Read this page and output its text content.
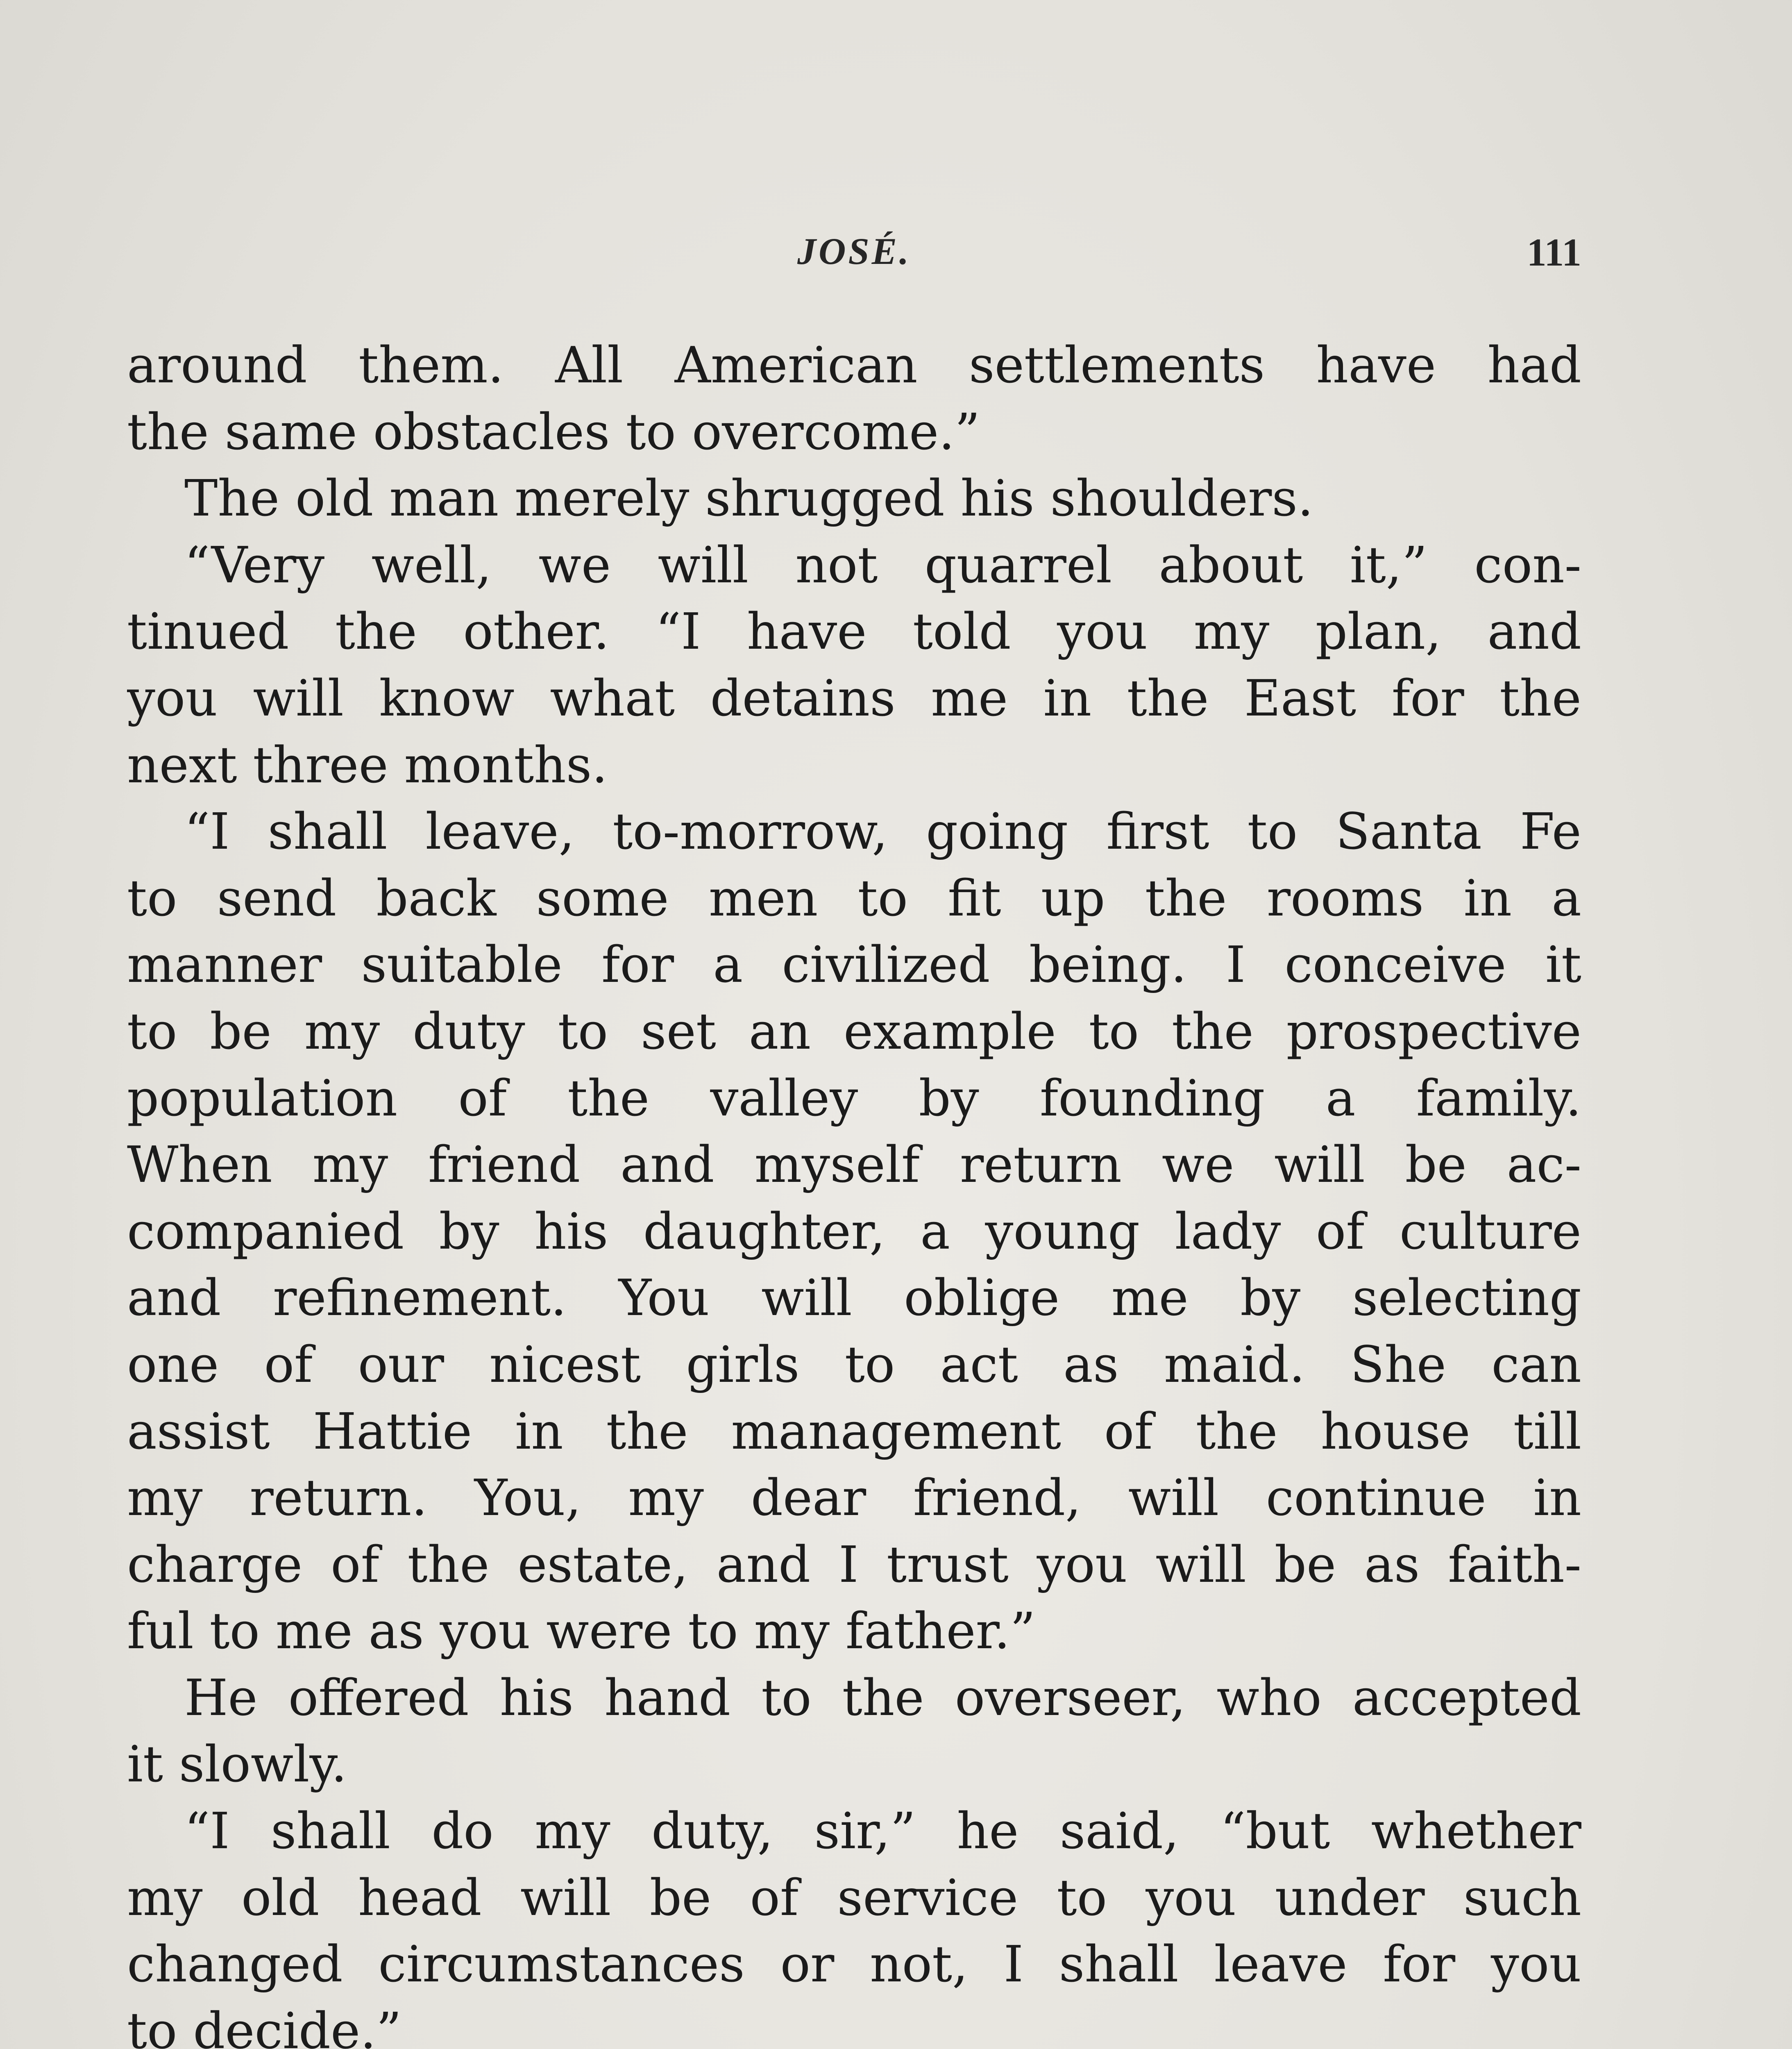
JOSÉ.	111
around them. All American settlements have had
the same obstacles to overcome.”
The old man merely shrugged his shoulders.
“Very well, we will not quarrel about it,” con-
tinued the other. “I have told you my plan, and
you will know what detains me in the East for the
next three months.
“I shall leave, to-morrow, going first to Santa Fe
to send back some men to fit up the rooms in a
manner suitable for a civilized being. I conceive it
to be my duty to set an example to the prospective
population of the valley by founding a family.
When my friend and myself return we will be ac-
companied by his daughter, a young lady of culture
and refinement. You will oblige me by selecting
one of our nicest girls to act as maid. She can
assist Hattie in the management of the house till
my return. You, my dear friend, will continue in
charge of the estate, and I trust you will be as faith-
ful to me as you were to my father.”
He offered his hand to the overseer, who accepted
it slowly.
“I shall do my duty, sir,” he said, “but whether
my old head will be of service to you under such
changed circumstances or not, I shall leave for you
to decide.”
